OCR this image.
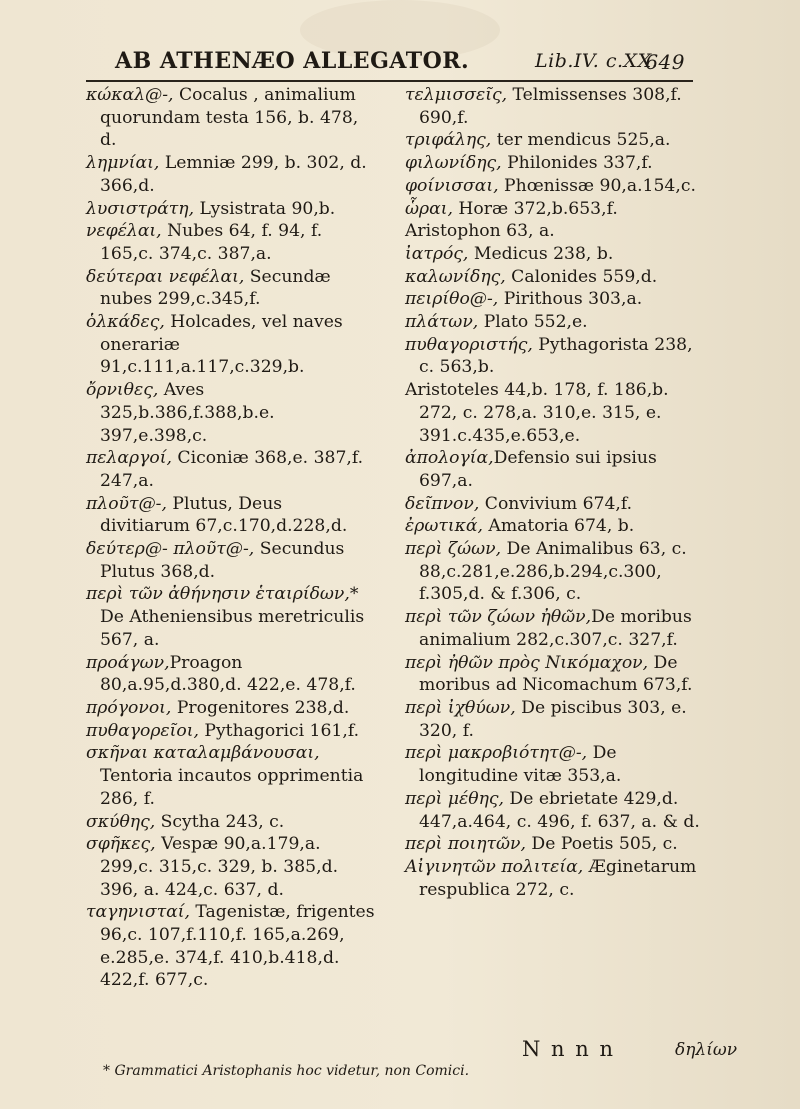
AB ATHENÆO ALLEGATOR.	Lib.IV. c.XX.
649

κώκαλ@-, Cocalus , animalium quorundam testa 156, b. 478, d.

λημνίαι, Lemniæ 299, b. 302, d. 366,d.

λυσιστράτη, Lysistrata 90,b.

νεφέλαι, Nubes 64, f. 94, f. 165,c. 374,c. 387,a.

δεύτεραι νεφέλαι, Secundæ nubes 299,c.345,f.

ὁλκάδες, Holcades, vel naves onerariæ 91,c.111,a.117,c.329,b.

ὄρνιθες, Aves 325,b.386,f.388,b.e. 397,e.398,c.

πελαργοί, Ciconiæ 368,e. 387,f. 247,a.

πλοῦτ@-, Plutus, Deus divitiarum 67,c.170,d.228,d.

δεύτερ@- πλοῦτ@-, Secundus Plutus 368,d.

περὶ τῶν ἀθήνησιν ἑταιρίδων,* De Atheniensibus meretriculis 567, a.

προάγων,Proagon 80,a.95,d.380,d. 422,e. 478,f.

πρόγονοι, Progenitores 238,d.

πυθαγορεῖοι, Pythagorici 161,f.

σκῆναι καταλαμβάνουσαι, Tentoria incautos opprimentia 286, f.

σκύθης, Scytha 243, c.

σφῆκες, Vespæ 90,a.179,a. 299,c. 315,c. 329, b. 385,d. 396, a. 424,c. 637, d.

ταγηνισταί, Tagenistæ, frigentes 96,c. 107,f.110,f. 165,a.269, e.285,e. 374,f. 410,b.418,d. 422,f. 677,c.

τελμισσεῖς, Telmissenses 308,f. 690,f.

τριφάλης, ter mendicus 525,a.

φιλωνίδης, Philonides 337,f.

φοίνισσαι, Phœnissæ 90,a.154,c.

ὧραι, Horæ 372,b.653,f.

Aristophon 63, a.

ἰατρός, Medicus 238, b.

καλωνίδης, Calonides 559,d.

πειρίθο@-, Pirithous 303,a.

πλάτων, Plato 552,e.

πυθαγοριστής, Pythagorista 238, c. 563,b.

Aristoteles 44,b. 178, f. 186,b. 272, c. 278,a. 310,e. 315, e. 391.c.435,e.653,e.

ἀπολογία,Defensio sui ipsius 697,a.

δεῖπνον, Convivium 674,f.

ἐρωτικά, Amatoria 674, b.

περὶ ζώων, De Animalibus 63, c. 88,c.281,e.286,b.294,c.300, f.305,d. & f.306, c.

περὶ τῶν ζώων ἠθῶν,De moribus animalium 282,c.307,c. 327,f.

περὶ ἠθῶν πρὸς Νικόμαχον, De moribus ad Nicomachum 673,f.

περὶ ἰχθύων, De piscibus 303, e. 320, f.

περὶ μακροβιότητ@-, De longitudine vitæ 353,a.

περὶ μέθης, De ebrietate 429,d. 447,a.464, c. 496, f. 637, a. & d.

περὶ ποιητῶν, De Poetis 505, c.

Αἰγινητῶν πολιτεία, Æginetarum respublica 272, c.

N n n n	δηλίων
* Grammatici Aristophanis hoc videtur, non Comici.
